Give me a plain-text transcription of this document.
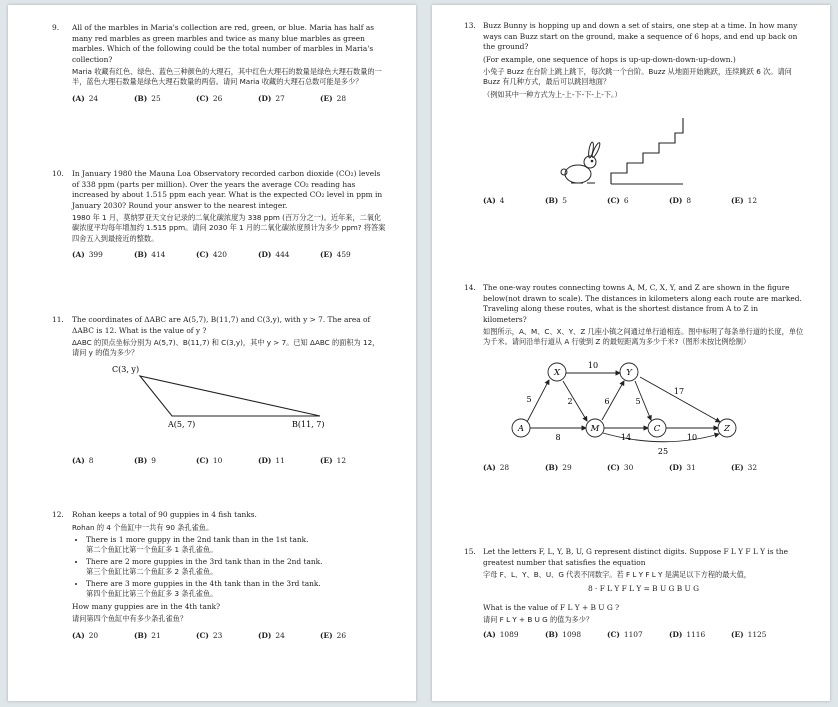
9. All of the marbles in Maria's collection are red, green, or blue. Maria has half as many red marbles as green marbles and twice as many blue marbles as green marbles. Which of the following could be the total number of marbles in Maria's collection?

Maria 收藏有红色、绿色、蓝色三种颜色的大理石，其中红色大理石的数量是绿色大理石数量的一半，蓝色大理石数量是绿色大理石数量的两倍。请问 Maria 收藏的大理石总数可能是多少？

(A) 24	(B) 25	(C) 26	(D) 27	(E) 28
10. In January 1980 the Mauna Loa Observatory recorded carbon dioxide (CO₂) levels of 338 ppm (parts per million). Over the years the average CO₂ reading has increased by about 1.515 ppm each year. What is the expected CO₂ level in ppm in January 2030? Round your answer to the nearest integer.

1980 年 1 月，莫纳罗亚天文台记录的二氧化碳浓度为 338 ppm (百万分之一)。近年来，二氧化碳浓度平均每年增加约 1.515 ppm。请问 2030 年 1 月的二氧化碳浓度预计为多少 ppm? 将答案四舍五入到最接近的整数。

(A) 399	(B) 414	(C) 420	(D) 444	(E) 459
11. The coordinates of ΔABC are A(5,7), B(11,7) and C(3,y), with y > 7. The area of ΔABC is 12. What is the value of y ?

ΔABC 的顶点坐标分别为 A(5,7)、B(11,7) 和 C(3,y)，其中 y > 7。已知 ΔABC 的面积为 12，请问 y 的值为多少？

C(3, y)
A(5, 7)	B(11, 7)
(A) 8	(B) 9	(C) 10	(D) 11	(E) 12
12. Rohan keeps a total of 90 guppies in 4 fish tanks.

Rohan 的 4 个鱼缸中一共有 90 条孔雀鱼。

• There is 1 more guppy in the 2nd tank than in the 1st tank.
第二个鱼缸比第一个鱼缸多 1 条孔雀鱼。
• There are 2 more guppies in the 3rd tank than in the 2nd tank.
第三个鱼缸比第二个鱼缸多 2 条孔雀鱼。
• There are 3 more guppies in the 4th tank than in the 3rd tank.
第四个鱼缸比第三个鱼缸多 3 条孔雀鱼。

How many guppies are in the 4th tank?

请问第四个鱼缸中有多少条孔雀鱼？

(A) 20	(B) 21	(C) 23	(D) 24	(E) 26
13. Buzz Bunny is hopping up and down a set of stairs, one step at a time. In how many ways can Buzz start on the ground, make a sequence of 6 hops, and end up back on the ground?

(For example, one sequence of hops is up-up-down-down-up-down.)

小兔子 Buzz 在台阶上跳上跳下，每次跳一个台阶。Buzz 从地面开始跳跃，连续跳跃 6 次。请问 Buzz 有几种方式，最后可以跳回地面？

（例如其中一种方式为上-上-下-下-上-下。）

(A) 4	(B) 5	(C) 6	(D) 8	(E) 12
14. The one-way routes connecting towns A, M, C, X, Y, and Z are shown in the figure below(not drawn to scale). The distances in kilometers along each route are marked. Traveling along these routes, what is the shortest distance from A to Z in kilometers?

如图所示，A、M、C、X、Y、Z 几座小镇之间通过单行道相连。图中标明了每条单行道的长度，单位为千米。请问沿单行道从 A 行驶到 Z 的最短距离为多少千米?（图形未按比例绘制）

A
X
M
Y
C	Z
5
8
2
10
6	5
14	10
17
25
(A) 28	(B) 29	(C) 30	(D) 31	(E) 32
15. Let the letters F, L, Y, B, U, G represent distinct digits. Suppose F L Y F L Y is the greatest number that satisfies the equation

字母 F、L、Y、B、U、G 代表不同数字。若 F L Y F L Y 是满足以下方程的最大值，

8 · F L Y F L Y = B U G B U G

What is the value of F L Y + B U G ?

请问 F L Y + B U G 的值为多少？

(A) 1089	(B) 1098	(C) 1107	(D) 1116	(E) 1125
